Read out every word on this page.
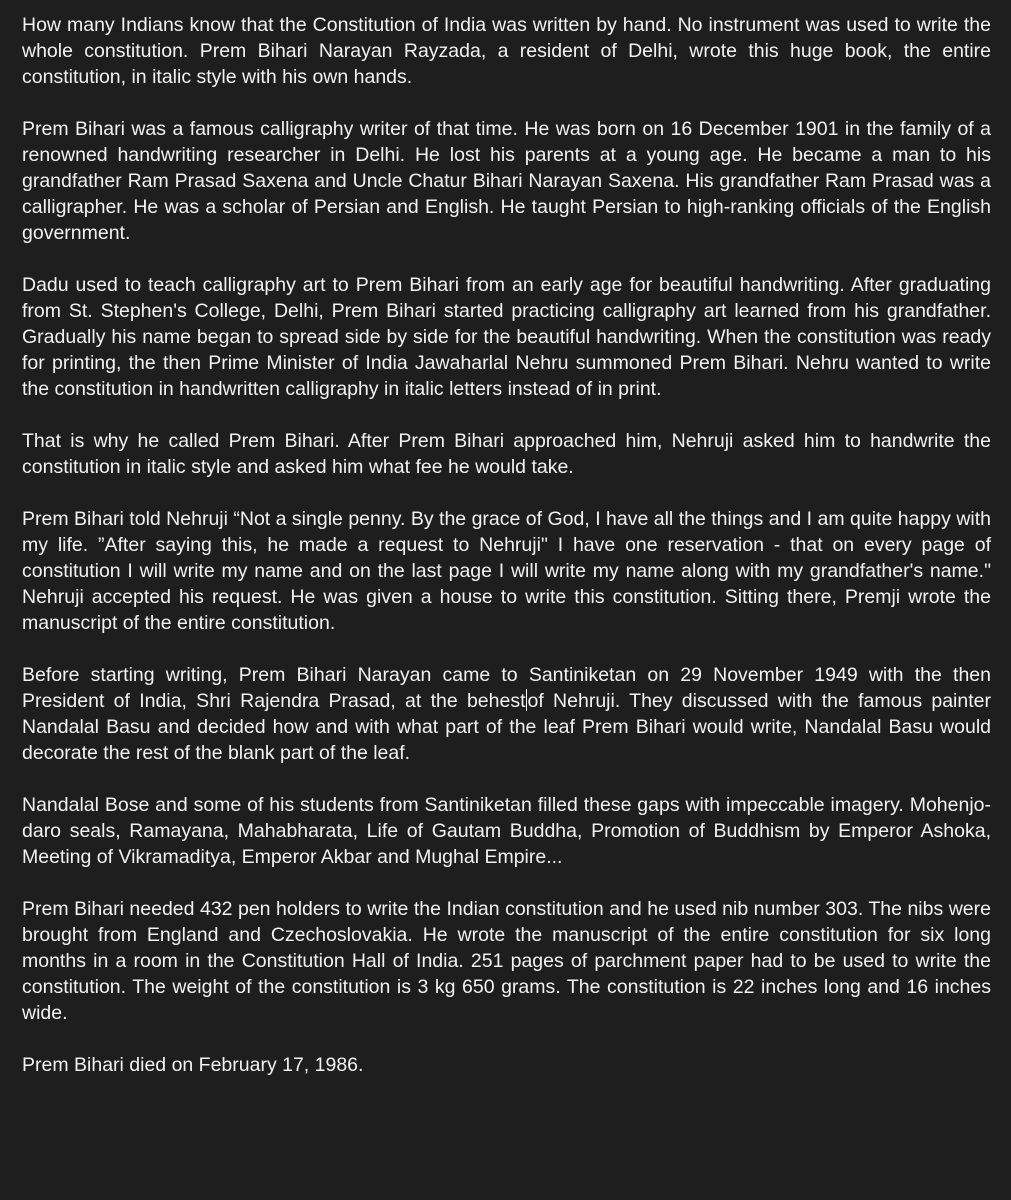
How many Indians know that the Constitution of India was written by hand. No instrument was used to write the whole constitution. Prem Bihari Narayan Rayzada, a resident of Delhi, wrote this huge book, the entire constitution, in italic style with his own hands.

Prem Bihari was a famous calligraphy writer of that time. He was born on 16 December 1901 in the family of a renowned handwriting researcher in Delhi. He lost his parents at a young age. He became a man to his grandfather Ram Prasad Saxena and Uncle Chatur Bihari Narayan Saxena. His grandfather Ram Prasad was a calligrapher. He was a scholar of Persian and English. He taught Persian to high-ranking officials of the English government.

Dadu used to teach calligraphy art to Prem Bihari from an early age for beautiful handwriting. After graduating from St. Stephen's College, Delhi, Prem Bihari started practicing calligraphy art learned from his grandfather. Gradually his name began to spread side by side for the beautiful handwriting. When the constitution was ready for printing, the then Prime Minister of India Jawaharlal Nehru summoned Prem Bihari. Nehru wanted to write the constitution in handwritten calligraphy in italic letters instead of in print.

That is why he called Prem Bihari. After Prem Bihari approached him, Nehruji asked him to handwrite the constitution in italic style and asked him what fee he would take.

Prem Bihari told Nehruji “Not a single penny. By the grace of God, I have all the things and I am quite happy with my life. ”After saying this, he made a request to Nehruji" I have one reservation - that on every page of constitution I will write my name and on the last page I will write my name along with my grandfather's name." Nehruji accepted his request. He was given a house to write this constitution. Sitting there, Premji wrote the manuscript of the entire constitution.

Before starting writing, Prem Bihari Narayan came to Santiniketan on 29 November 1949 with the then President of India, Shri Rajendra Prasad, at the behest of Nehruji. They discussed with the famous painter Nandalal Basu and decided how and with what part of the leaf Prem Bihari would write, Nandalal Basu would decorate the rest of the blank part of the leaf.

Nandalal Bose and some of his students from Santiniketan filled these gaps with impeccable imagery. Mohenjo-daro seals, Ramayana, Mahabharata, Life of Gautam Buddha, Promotion of Buddhism by Emperor Ashoka, Meeting of Vikramaditya, Emperor Akbar and Mughal Empire...

Prem Bihari needed 432 pen holders to write the Indian constitution and he used nib number 303. The nibs were brought from England and Czechoslovakia. He wrote the manuscript of the entire constitution for six long months in a room in the Constitution Hall of India. 251 pages of parchment paper had to be used to write the constitution. The weight of the constitution is 3 kg 650 grams. The constitution is 22 inches long and 16 inches wide.

Prem Bihari died on February 17, 1986.
